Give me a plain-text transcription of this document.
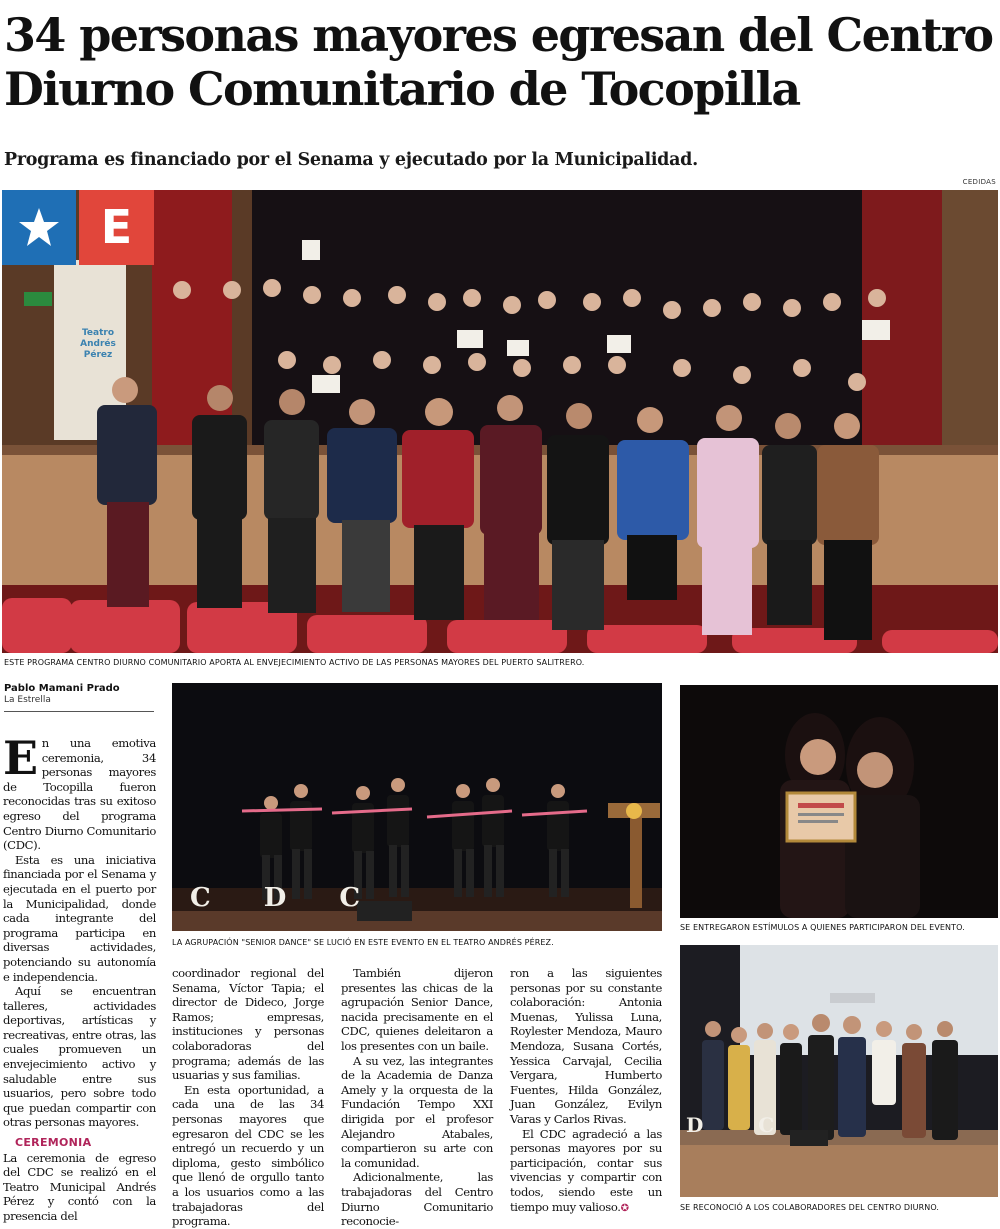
34 personas mayores egresan del Centro Diurno Comunitario de Tocopilla
Programa es financiado por el Senama y ejecutado por la Municipalidad.
CEDIDAS
E
Teatro Andrés Pérez
ESTE PROGRAMA CENTRO DIURNO COMUNITARIO APORTA AL ENVEJECIMIENTO ACTIVO DE LAS PERSONAS MAYORES DEL PUERTO SALITRERO.
C D C
LA AGRUPACIÓN "SENIOR DANCE" SE LUCIÓ EN ESTE EVENTO EN EL TEATRO ANDRÉS PÉREZ.
SE ENTREGARON ESTÍMULOS A QUIENES PARTICIPARON DEL EVENTO.
D C
SE RECONOCIÓ A LOS COLABORADORES DEL CENTRO DIURNO.
Pablo Mamani Prado
La Estrella

En una emotiva ceremonia, 34 personas mayores de Tocopilla fueron reconocidas tras su exitoso egreso del programa Centro Diurno Comunitario (CDC).

Esta es una iniciativa financiada por el Senama y ejecutada en el puerto por la Municipalidad, donde cada integrante del programa participa en diversas actividades, potenciando su autonomía e independencia.

Aquí se encuentran talleres, actividades deportivas, artísticas y recreativas, entre otras, las cuales promueven un envejecimiento activo y saludable entre sus usuarios, pero sobre todo que puedan compartir con otras personas mayores.

CEREMONIA

La ceremonia de egreso del CDC se realizó en el Teatro Municipal Andrés Pérez y contó con la presencia del

coordinador regional del Senama, Víctor Tapia; el director de Dideco, Jorge Ramos; empresas, instituciones y personas colaboradoras del programa; además de las usuarias y sus familias.

En esta oportunidad, a cada una de las 34 personas mayores que egresaron del CDC se les entregó un recuerdo y un diploma, gesto simbólico que llenó de orgullo tanto a los usuarios como a las trabajadoras del programa.

También dijeron presentes las chicas de la agrupación Senior Dance, nacida precisamente en el CDC, quienes deleitaron a los presentes con un baile.

A su vez, las integrantes de la Academia de Danza Amely y la orquesta de la Fundación Tempo XXI dirigida por el profesor Alejandro Atabales, compartieron su arte con la comunidad.

Adicionalmente, las trabajadoras del Centro Diurno Comunitario reconocie-

ron a las siguientes personas por su constante colaboración: Antonia Muenas, Yulissa Luna, Roylester Mendoza, Mauro Mendoza, Susana Cortés, Yessica Carvajal, Cecilia Vergara, Humberto Fuentes, Hilda González, Juan González, Evilyn Varas y Carlos Rivas.

El CDC agradeció a las personas mayores por su participación, contar sus vivencias y compartir con todos, siendo este un tiempo muy valioso.✪
